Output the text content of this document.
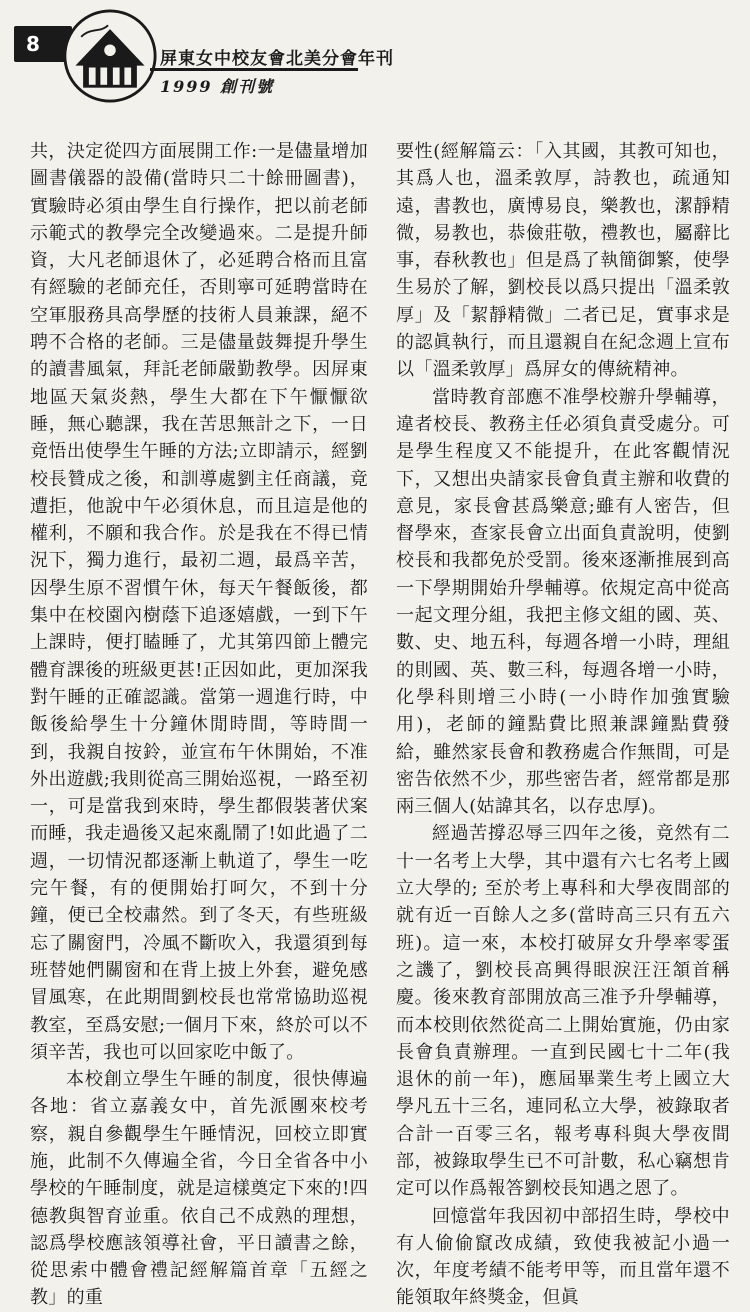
8
屏東女中校友會北美分會年刊
1999 創刊號

共，決定從四方面展開工作:一是儘量增加圖書儀器的設備(當時只二十餘冊圖書)，實驗時必須由學生自行操作，把以前老師示範式的教學完全改變過來。二是提升師資，大凡老師退休了，必延聘合格而且富有經驗的老師充任，否則寧可延聘當時在空軍服務具高學歷的技術人員兼課，絕不聘不合格的老師。三是儘量鼓舞提升學生的讀書風氣，拜託老師嚴勤教學。因屏東地區天氣炎熱，學生大都在下午懨懨欲睡，無心聽課，我在苦思無計之下，一日竟悟出使學生午睡的方法;立即請示，經劉校長贊成之後，和訓導處劉主任商議，竟遭拒，他說中午必須休息，而且這是他的權利，不願和我合作。於是我在不得已情況下，獨力進行，最初二週，最爲辛苦，因學生原不習慣午休，每天午餐飯後，都集中在校園內樹蔭下追逐嬉戲，一到下午上課時，便打瞌睡了，尤其第四節上體完體育課後的班級更甚!正因如此，更加深我對午睡的正確認識。當第一週進行時，中飯後給學生十分鐘休閒時間，等時間一到，我親自按鈴，並宣布午休開始，不准外出遊戲;我則從高三開始巡視，一路至初一，可是當我到來時，學生都假裝著伏案而睡，我走過後又起來亂鬧了!如此過了二週，一切情況都逐漸上軌道了，學生一吃完午餐，有的便開始打呵欠，不到十分鐘，便已全校肅然。到了冬天，有些班級忘了關窗門，冷風不斷吹入，我還須到每班替她們關窗和在背上披上外套，避免感冒風寒，在此期間劉校長也常常協助巡視教室，至爲安慰;一個月下來，終於可以不須辛苦，我也可以回家吃中飯了。

本校創立學生午睡的制度，很快傳遍各地：省立嘉義女中，首先派團來校考察，親自參觀學生午睡情況，回校立即實施，此制不久傳遍全省，今日全省各中小學校的午睡制度，就是這樣奠定下來的!四德教與智育並重。依自己不成熟的理想，認爲學校應該領導社會，平日讀書之餘，從思索中體會禮記經解篇首章「五經之教」的重

要性(經解篇云：「入其國，其教可知也，其爲人也，溫柔敦厚，詩教也，疏通知遠，書教也，廣博易良，樂教也，潔靜精微，易教也，恭儉莊敬，禮教也，屬辭比事，春秋教也」但是爲了執簡御繁，使學生易於了解，劉校長以爲只提出「溫柔敦厚」及「絜靜精微」二者已足，實事求是的認眞執行，而且還親自在紀念週上宣布以「溫柔敦厚」爲屏女的傳統精神。

當時教育部應不准學校辦升學輔導，違者校長、教務主任必須負責受處分。可是學生程度又不能提升，在此客觀情況下，又想出央請家長會負責主辦和收費的意見，家長會甚爲樂意;雖有人密告，但督學來，查家長會立出面負責說明，使劉校長和我都免於受罰。後來逐漸推展到高一下學期開始升學輔導。依規定高中從高一起文理分組，我把主修文組的國、英、數、史、地五科，每週各增一小時，理組的則國、英、數三科，每週各增一小時，化學科則增三小時(一小時作加強實驗用)，老師的鐘點費比照兼課鐘點費發給，雖然家長會和教務處合作無間，可是密告依然不少，那些密告者，經常都是那兩三個人(姑諱其名，以存忠厚)。

經過苦撐忍辱三四年之後，竟然有二十一名考上大學，其中還有六七名考上國立大學的; 至於考上專科和大學夜間部的就有近一百餘人之多(當時高三只有五六班)。這一來，本校打破屏女升學率零蛋之譏了，劉校長高興得眼淚汪汪頷首稱慶。後來教育部開放高三准予升學輔導，而本校則依然從高二上開始實施，仍由家長會負責辦理。一直到民國七十二年(我退休的前一年)，應屆畢業生考上國立大學凡五十三名，連同私立大學，被錄取者合計一百零三名，報考專科與大學夜間部，被錄取學生已不可計數，私心竊想肯定可以作爲報答劉校長知遇之恩了。

回憶當年我因初中部招生時，學校中有人偷偷竄改成績，致使我被記小過一次，年度考績不能考甲等，而且當年還不能領取年終獎金，但眞
